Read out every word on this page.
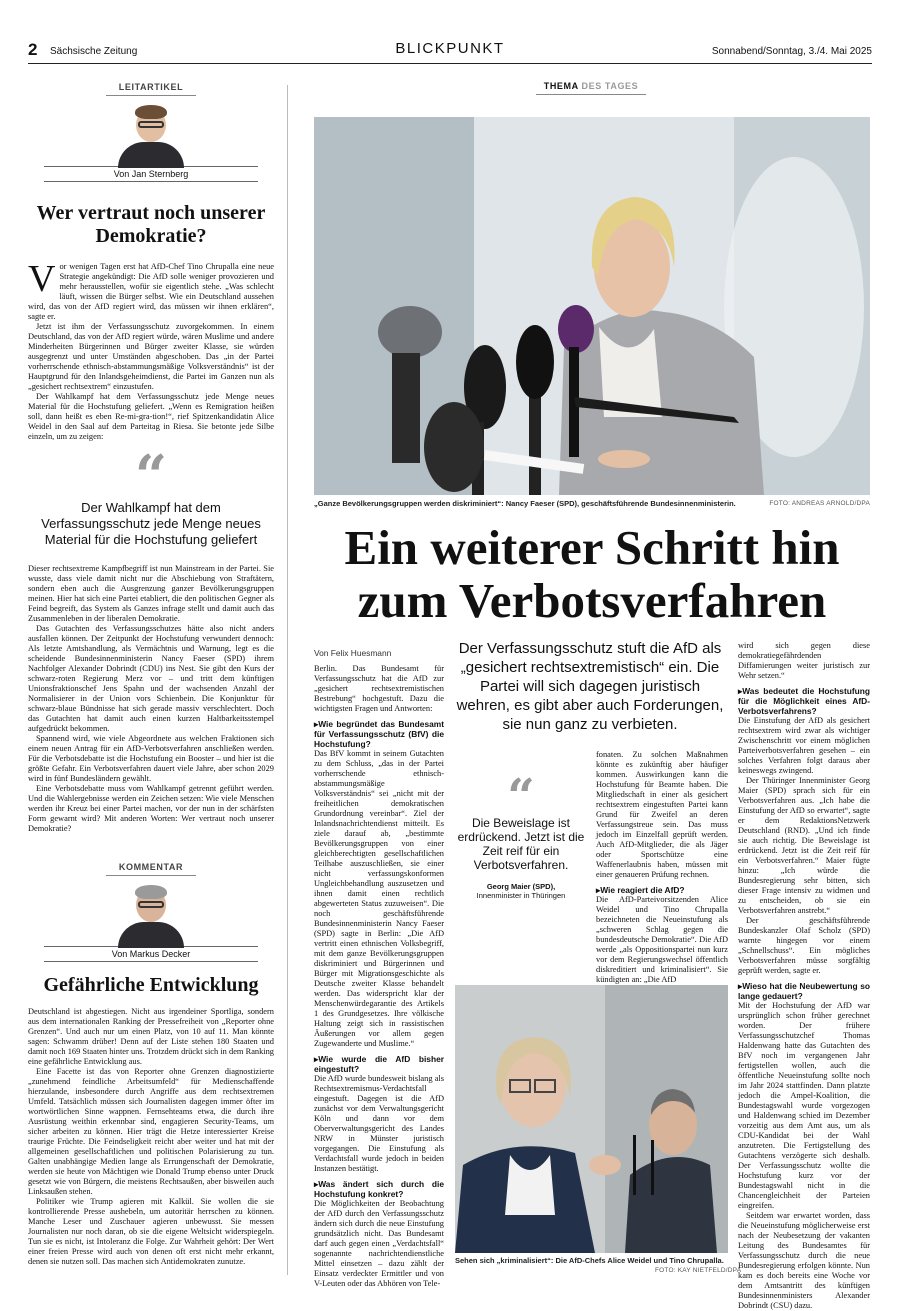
2 Sächsische Zeitung	BLICKPUNKT	Sonnabend/Sonntag, 3./4. Mai 2025
LEITARTIKEL
Von Jan Sternberg
Wer vertraut noch unserer Demokratie?

Vor wenigen Tagen erst hat AfD-Chef Tino Chrupalla eine neue Strategie angekündigt: Die AfD solle weniger provozieren und mehr herausstellen, wofür sie eigentlich stehe. „Was schlecht läuft, wissen die Bürger selbst. Wie ein Deutschland aussehen wird, das von der AfD regiert wird, das müssen wir ihnen erklären“, sagte er.

Jetzt ist ihm der Verfassungsschutz zuvorgekommen. In einem Deutschland, das von der AfD regiert würde, wären Muslime und andere Minderheiten Bürgerinnen und Bürger zweiter Klasse, sie würden ausgegrenzt und unter Umständen abgeschoben. Das „in der Partei vorherrschende ethnisch-abstammungsmäßige Volksverständnis“ ist der Hauptgrund für den Inlandsgeheimdienst, die Partei im Ganzen nun als „gesichert rechtsextrem“ einzustufen.

Der Wahlkampf hat dem Verfassungsschutz jede Menge neues Material für die Hochstufung geliefert. „Wenn es Remigration heißen soll, dann heißt es eben Re-mi-gra-tion!“, rief Spitzenkandidatin Alice Weidel in den Saal auf dem Parteitag in Riesa. Sie betonte jede Silbe einzeln, um zu zeigen:

“
Der Wahlkampf hat dem Verfassungsschutz jede Menge neues Material für die Hochstufung geliefert

Dieser rechtsextreme Kampfbegriff ist nun Mainstream in der Partei. Sie wusste, dass viele damit nicht nur die Abschiebung von Straftätern, sondern eben auch die Ausgrenzung ganzer Bevölkerungsgruppen meinen. Hier hat sich eine Partei etabliert, die den politischen Gegner als Feind begreift, das System als Ganzes infrage stellt und damit auch das Zusammenleben in der liberalen Demokratie.

Das Gutachten des Verfassungsschutzes hätte also nicht anders ausfallen können. Der Zeitpunkt der Hochstufung verwundert dennoch: Als letzte Amtshandlung, als Vermächtnis und Warnung, legt es die scheidende Bundesinnenministerin Nancy Faeser (SPD) ihrem Nachfolger Alexander Dobrindt (CDU) ins Nest. Sie gibt den Kurs der schwarz-roten Regierung Merz vor – und tritt dem künftigen Unionsfraktionschef Jens Spahn und der wachsenden Anzahl der Normalisierer in der Union vors Schienbein. Die Konjunktur für schwarz-blaue Bündnisse hat sich gerade massiv verschlechtert. Doch das Gutachten hat damit auch einen kurzen Haltbarkeitsstempel aufgedrückt bekommen.

Spannend wird, wie viele Abgeordnete aus welchen Fraktionen sich einem neuen Antrag für ein AfD-Verbotsverfahren anschließen werden. Für die Verbotsdebatte ist die Hochstufung ein Booster – und hier ist die größte Gefahr. Ein Verbotsverfahren dauert viele Jahre, aber schon 2029 wird in fünf Bundesländern gewählt.

Eine Verbotsdebatte muss vom Wahlkampf getrennt geführt werden. Und die Wahlergebnisse werden ein Zeichen setzen: Wie viele Menschen werden ihr Kreuz bei einer Partei machen, vor der nun in der schärfsten Form gewarnt wird? Mit anderen Worten: Wer vertraut noch unserer Demokratie?

KOMMENTAR
Von Markus Decker
Gefährliche Entwicklung

Deutschland ist abgestiegen. Nicht aus irgendeiner Sportliga, sondern aus dem internationalen Ranking der Pressefreiheit von „Reporter ohne Grenzen“. Und auch nur um einen Platz, von 10 auf 11. Man könnte sagen: Schwamm drüber! Denn auf der Liste stehen 180 Staaten und damit noch 169 Staaten hinter uns. Trotzdem drückt sich in dem Ranking eine gefährliche Entwicklung aus.

Eine Facette ist das von Reporter ohne Grenzen diagnostizierte „zunehmend feindliche Arbeitsumfeld“ für Medienschaffende hierzulande, insbesondere durch Angriffe aus dem rechtsextremen Umfeld. Tatsächlich müssen sich Journalisten dagegen immer öfter im wortwörtlichen Sinne wappnen. Fernsehteams etwa, die durch ihre Ausrüstung weithin erkennbar sind, engagieren Security-Teams, um sicher arbeiten zu können. Hier trägt die Hetze interessierter Kreise traurige Früchte. Die Feindseligkeit reicht aber weiter und hat mit der allgemeinen gesellschaftlichen und politischen Polarisierung zu tun. Galten unabhängige Medien lange als Errungenschaft der Demokratie, werden sie heute von Mächtigen wie Donald Trump ebenso unter Druck gesetzt wie von Bürgern, die meistens Rechtsaußen, aber bisweilen auch Linksaußen stehen.

Politiker wie Trump agieren mit Kalkül. Sie wollen die sie kontrollierende Presse aushebeln, um autoritär herrschen zu können. Manche Leser und Zuschauer agieren unbewusst. Sie messen Journalisten nur noch daran, ob sie die eigene Weltsicht widerspiegeln. Tun sie es nicht, ist Intoleranz die Folge. Zur Wahrheit gehört: Der Wert einer freien Presse wird auch von denen oft erst nicht mehr erkannt, denen sie nutzen soll. Das machen sich Antidemokraten zunutze.

THEMA DES TAGES
„Ganze Bevölkerungsgruppen werden diskriminiert“: Nancy Faeser (SPD), geschäftsführende Bundesinnenministerin.	FOTO: ANDREAS ARNOLD/DPA
Ein weiterer Schritt hin zum Verbotsverfahren
Von Felix Huesmann

Berlin. Das Bundesamt für Verfassungsschutz hat die AfD zur „gesichert rechtsextremistischen Bestrebung“ hochgestuft. Dazu die wichtigsten Fragen und Antworten:

▸ Wie begründet das Bundesamt für Verfassungsschutz (BfV) die Hochstufung?

Das BfV kommt in seinem Gutachten zu dem Schluss, „das in der Partei vorherrschende ethnisch-abstammungsmäßige Volksverständnis“ sei „nicht mit der freiheitlichen demokratischen Grundordnung vereinbar“. Ziel der Inlandsnachrichtendienst mitteilt. Es ziele darauf ab, „bestimmte Bevölkerungsgruppen von einer gleichberechtigten gesellschaftlichen Teilhabe auszuschließen, sie einer nicht verfassungskonformen Ungleichbehandlung auszusetzen und ihnen damit einen rechtlich abgewerteten Status zuzuweisen“. Die noch geschäftsführende Bundesinnenministerin Nancy Faeser (SPD) sagte in Berlin: „Die AfD vertritt einen ethnischen Volksbegriff, mit dem ganze Bevölkerungsgruppen diskriminiert und Bürgerinnen und Bürger mit Migrationsgeschichte als Deutsche zweiter Klasse behandelt werden. Das widerspricht klar der Menschenwürdegarantie des Artikels 1 des Grundgesetzes. Ihre völkische Haltung zeigt sich in rassistischen Äußerungen vor allem gegen Zugewanderte und Muslime.“

▸ Wie wurde die AfD bisher eingestuft?

Die AfD wurde bundesweit bislang als Rechtsextremismus-Verdachtsfall eingestuft. Dagegen ist die AfD zunächst vor dem Verwaltungsgericht Köln und dann vor dem Oberverwaltungsgericht des Landes NRW in Münster juristisch vorgegangen. Die Einstufung als Verdachtsfall wurde jedoch in beiden Instanzen bestätigt.

▸ Was ändert sich durch die Hochstufung konkret?

Die Möglichkeiten der Beobachtung der AfD durch den Verfassungsschutz ändern sich durch die neue Einstufung grundsätzlich nicht. Das Bundesamt darf auch gegen einen „Verdachtsfall“ sogenannte nachrichtendienstliche Mittel einsetzen – dazu zählt der Einsatz verdeckter Ermittler und von V-Leuten oder das Abhören von Tele-

Der Verfassungsschutz stuft die AfD als „gesichert rechtsextremistisch“ ein. Die Partei will sich dagegen juristisch wehren, es gibt aber auch Forderungen, sie nun ganz zu verbieten.
“
Die Beweislage ist erdrückend. Jetzt ist die Zeit reif für ein Verbotsverfahren.
Georg Maier (SPD),
Innenminister in Thüringen

fonaten. Zu solchen Maßnahmen könnte es zukünftig aber häufiger kommen. Auswirkungen kann die Hochstufung für Beamte haben. Die Mitgliedschaft in einer als gesichert rechtsextrem eingestuften Partei kann Grund für Zweifel an deren Verfassungstreue sein. Das muss jedoch im Einzelfall geprüft werden. Auch AfD-Mitglieder, die als Jäger oder Sportschütze eine Waffenerlaubnis haben, müssen mit einer genaueren Prüfung rechnen.

▸ Wie reagiert die AfD?

Die AfD-Parteivorsitzenden Alice Weidel und Tino Chrupalla bezeichneten die Neueinstufung als „schweren Schlag gegen die bundesdeutsche Demokratie“. Die AfD werde „als Oppositionspartei nun kurz vor dem Regierungswechsel öffentlich diskreditiert und kriminalisiert“. Sie kündigten an: „Die AfD

Sehen sich „kriminalisiert“: Die AfD-Chefs Alice Weidel und Tino Chrupalla.
FOTO: KAY NIETFELD/DPA

wird sich gegen diese demokratiegefährdenden Diffamierungen weiter juristisch zur Wehr setzen.“

▸ Was bedeutet die Hochstufung für die Möglichkeit eines AfD-Verbotsverfahrens?

Die Einstufung der AfD als gesichert rechtsextrem wird zwar als wichtiger Zwischenschritt vor einem möglichen Parteiverbotsverfahren gesehen – ein solches Verfahren folgt daraus aber keineswegs zwingend.

Der Thüringer Innenminister Georg Maier (SPD) sprach sich für ein Verbotsverfahren aus. „Ich habe die Einstufung der AfD so erwartet“, sagte er dem RedaktionsNetzwerk Deutschland (RND). „Und ich finde sie auch richtig. Die Beweislage ist erdrückend. Jetzt ist die Zeit reif für ein Verbotsverfahren.“ Maier fügte hinzu: „Ich würde die Bundesregierung sehr bitten, sich dieser Frage intensiv zu widmen und zu entscheiden, ob sie ein Verbotsverfahren anstrebt.“

Der geschäftsführende Bundeskanzler Olaf Scholz (SPD) warnte hingegen vor einem „Schnellschuss“. Ein mögliches Verbotsverfahren müsse sorgfältig geprüft werden, sagte er.

▸ Wieso hat die Neubewertung so lange gedauert?

Mit der Hochstufung der AfD war ursprünglich schon früher gerechnet worden. Der frühere Verfassungsschutzchef Thomas Haldenwang hatte das Gutachten des BfV noch im vergangenen Jahr fertigstellen wollen, auch die öffentliche Neueinstufung sollte noch im Jahr 2024 stattfinden. Dann platzte jedoch die Ampel-Koalition, die Bundestagswahl wurde vorgezogen und Haldenwang schied im Dezember vorzeitig aus dem Amt aus, um als CDU-Kandidat bei der Wahl anzutreten. Die Fertigstellung des Gutachtens verzögerte sich deshalb. Der Verfassungsschutz wollte die Hochstufung kurz vor der Bundestagswahl nicht in die Chancengleichheit der Parteien eingreifen.

Seitdem war erwartet worden, dass die Neueinstufung möglicherweise erst nach der Neubesetzung der vakanten Leitung des Bundesamtes für Verfassungsschutz durch die neue Bundesregierung erfolgen könnte. Nun kam es doch bereits eine Woche vor dem Amtsantritt des künftigen Bundesinnenministers Alexander Dobrindt (CSU) dazu.
